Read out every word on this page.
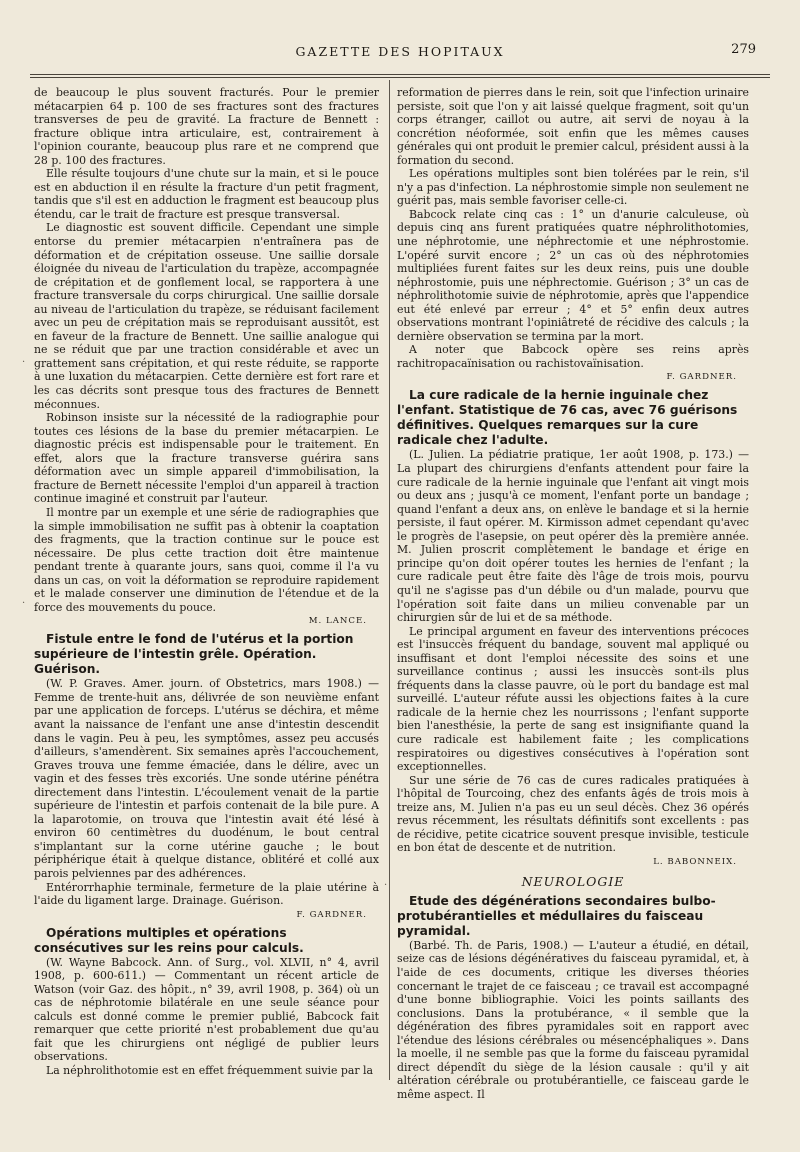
GAZETTE DES HOPITAUX	279
·
·
·

de beaucoup le plus souvent fracturés. Pour le premier métacarpien 64 p. 100 de ses fractures sont des fractures transverses de peu de gravité. La fracture de Bennett : fracture oblique intra articulaire, est, contrairement à l'opinion courante, beaucoup plus rare et ne comprend que 28 p. 100 des fractures.

Elle résulte toujours d'une chute sur la main, et si le pouce est en abduction il en résulte la fracture d'un petit fragment, tandis que s'il est en adduction le fragment est beaucoup plus étendu, car le trait de fracture est presque transversal.

Le diagnostic est souvent difficile. Cependant une simple entorse du premier métacarpien n'entraînera pas de déformation et de crépitation osseuse. Une saillie dorsale éloignée du niveau de l'articulation du trapèze, accompagnée de crépitation et de gonflement local, se rapportera à une fracture transversale du corps chirurgical. Une saillie dorsale au niveau de l'articulation du trapèze, se réduisant facilement avec un peu de crépitation mais se reproduisant aussitôt, est en faveur de la fracture de Bennett. Une saillie analogue qui ne se réduit que par une traction considérable et avec un grattement sans crépitation, et qui reste réduite, se rapporte à une luxation du métacarpien. Cette dernière est fort rare et les cas décrits sont presque tous des fractures de Bennett méconnues.

Robinson insiste sur la nécessité de la radiographie pour toutes ces lésions de la base du premier métacarpien. Le diagnostic précis est indispensable pour le traitement. En effet, alors que la fracture transverse guérira sans déformation avec un simple appareil d'immobilisation, la fracture de Bernett nécessite l'emploi d'un appareil à traction continue imaginé et construit par l'auteur.

Il montre par un exemple et une série de radiographies que la simple immobilisation ne suffit pas à obtenir la coaptation des fragments, que la traction continue sur le pouce est nécessaire. De plus cette traction doit être maintenue pendant trente à quarante jours, sans quoi, comme il l'a vu dans un cas, on voit la déformation se reproduire rapidement et le malade conserver une diminution de l'étendue et de la force des mouvements du pouce.

M. LANCE.

Fistule entre le fond de l'utérus et la portion supérieure de l'intestin grêle. Opération. Guérison.

(W. P. Graves. Amer. journ. of Obstetrics, mars 1908.) — Femme de trente-huit ans, délivrée de son neuvième enfant par une application de forceps. L'utérus se déchira, et même avant la naissance de l'enfant une anse d'intestin descendit dans le vagin. Peu à peu, les symptômes, assez peu accusés d'ailleurs, s'amendèrent. Six semaines après l'accouchement, Graves trouva une femme émaciée, dans le délire, avec un vagin et des fesses très excoriés. Une sonde utérine pénétra directement dans l'intestin. L'écoulement venait de la partie supérieure de l'intestin et parfois contenait de la bile pure. A la laparotomie, on trouva que l'intestin avait été lésé à environ 60 centimètres du duodénum, le bout central s'implantant sur la corne utérine gauche ; le bout périphérique était à quelque distance, oblitéré et collé aux parois pelviennes par des adhérences.

Entérorrhaphie terminale, fermeture de la plaie utérine à l'aide du ligament large. Drainage. Guérison.

F. GARDNER.

Opérations multiples et opérations consécutives sur les reins pour calculs.

(W. Wayne Babcock. Ann. of Surg., vol. XLVII, n° 4, avril 1908, p. 600-611.) — Commentant un récent article de Watson (voir Gaz. des hôpit., n° 39, avril 1908, p. 364) où un cas de néphrotomie bilatérale en une seule séance pour calculs est donné comme le premier publié, Babcock fait remarquer que cette priorité n'est probablement due qu'au fait que les chirurgiens ont négligé de publier leurs observations.

La néphrolithotomie est en effet fréquemment suivie par la

reformation de pierres dans le rein, soit que l'infection urinaire persiste, soit que l'on y ait laissé quelque fragment, soit qu'un corps étranger, caillot ou autre, ait servi de noyau à la concrétion néoformée, soit enfin que les mêmes causes générales qui ont produit le premier calcul, président aussi à la formation du second.

Les opérations multiples sont bien tolérées par le rein, s'il n'y a pas d'infection. La néphrostomie simple non seulement ne guérit pas, mais semble favoriser celle-ci.

Babcock relate cinq cas : 1° un d'anurie calculeuse, où depuis cinq ans furent pratiquées quatre néphrolithotomies, une néphrotomie, une néphrectomie et une néphrostomie. L'opéré survit encore ; 2° un cas où des néphrotomies multipliées furent faites sur les deux reins, puis une double néphrostomie, puis une néphrectomie. Guérison ; 3° un cas de néphrolithotomie suivie de néphrotomie, après que l'appendice eut été enlevé par erreur ; 4° et 5° enfin deux autres observations montrant l'opiniâtreté de récidive des calculs ; la dernière observation se termina par la mort.

A noter que Babcock opère ses reins après rachitropacaïnisation ou rachistovaïnisation.

F. GARDNER.

La cure radicale de la hernie inguinale chez l'enfant. Statistique de 76 cas, avec 76 guérisons définitives. Quelques remarques sur la cure radicale chez l'adulte.

(L. Julien. La pédiatrie pratique, 1er août 1908, p. 173.) — La plupart des chirurgiens d'enfants attendent pour faire la cure radicale de la hernie inguinale que l'enfant ait vingt mois ou deux ans ; jusqu'à ce moment, l'enfant porte un bandage ; quand l'enfant a deux ans, on enlève le bandage et si la hernie persiste, il faut opérer. M. Kirmisson admet cependant qu'avec le progrès de l'asepsie, on peut opérer dès la première année. M. Julien proscrit complètement le bandage et érige en principe qu'on doit opérer toutes les hernies de l'enfant ; la cure radicale peut être faite dès l'âge de trois mois, pourvu qu'il ne s'agisse pas d'un débile ou d'un malade, pourvu que l'opération soit faite dans un milieu convenable par un chirurgien sûr de lui et de sa méthode.

Le principal argument en faveur des interventions précoces est l'insuccès fréquent du bandage, souvent mal appliqué ou insuffisant et dont l'emploi nécessite des soins et une surveillance continus ; aussi les insuccès sont-ils plus fréquents dans la classe pauvre, où le port du bandage est mal surveillé. L'auteur réfute aussi les objections faites à la cure radicale de la hernie chez les nourrissons ; l'enfant supporte bien l'anesthésie, la perte de sang est insignifiante quand la cure radicale est habilement faite ; les complications respiratoires ou digestives consécutives à l'opération sont exceptionnelles.

Sur une série de 76 cas de cures radicales pratiquées à l'hôpital de Tourcoing, chez des enfants âgés de trois mois à treize ans, M. Julien n'a pas eu un seul décès. Chez 36 opérés revus récemment, les résultats définitifs sont excellents : pas de récidive, petite cicatrice souvent presque invisible, testicule en bon état de descente et de nutrition.

L. BABONNEIX.
NEUROLOGIE

Etude des dégénérations secondaires bulbo-protubérantielles et médullaires du faisceau pyramidal.

(Barbé. Th. de Paris, 1908.) — L'auteur a étudié, en détail, seize cas de lésions dégénératives du faisceau pyramidal, et, à l'aide de ces documents, critique les diverses théories concernant le trajet de ce faisceau ; ce travail est accompagné d'une bonne bibliographie. Voici les points saillants des conclusions. Dans la protubérance, « il semble que la dégénération des fibres pyramidales soit en rapport avec l'étendue des lésions cérébrales ou mésencéphaliques ». Dans la moelle, il ne semble pas que la forme du faisceau pyramidal direct dépendît du siège de la lésion causale : qu'il y ait altération cérébrale ou protubérantielle, ce faisceau garde le même aspect. Il
